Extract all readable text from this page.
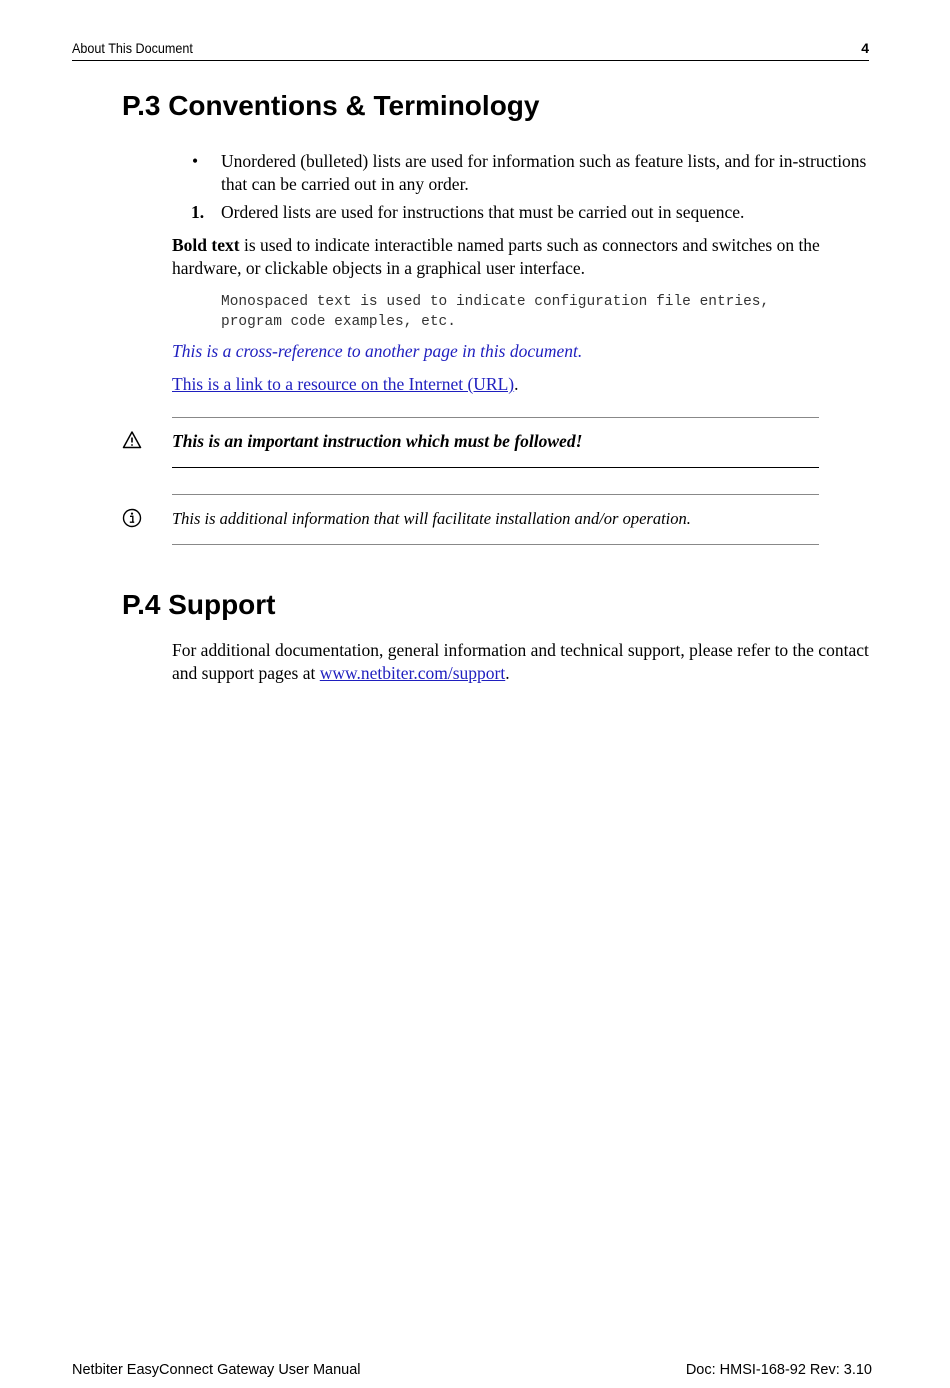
About This Document	4
P.3 Conventions & Terminology
• Unordered (bulleted) lists are used for information such as feature lists, and for in-structions that can be carried out in any order.
1. Ordered lists are used for instructions that must be carried out in sequence.
Bold text is used to indicate interactible named parts such as connectors and switches on the hardware, or clickable objects in a graphical user interface.
Monospaced text is used to indicate configuration file entries,
program code examples, etc.
This is a cross-reference to another page in this document.
This is a link to a resource on the Internet (URL).
This is an important instruction which must be followed!
This is additional information that will facilitate installation and/or operation.
P.4 Support
For additional documentation, general information and technical support, please refer to the contact and support pages at www.netbiter.com/support.
Netbiter EasyConnect Gateway User Manual	Doc: HMSI-168-92 Rev: 3.10
